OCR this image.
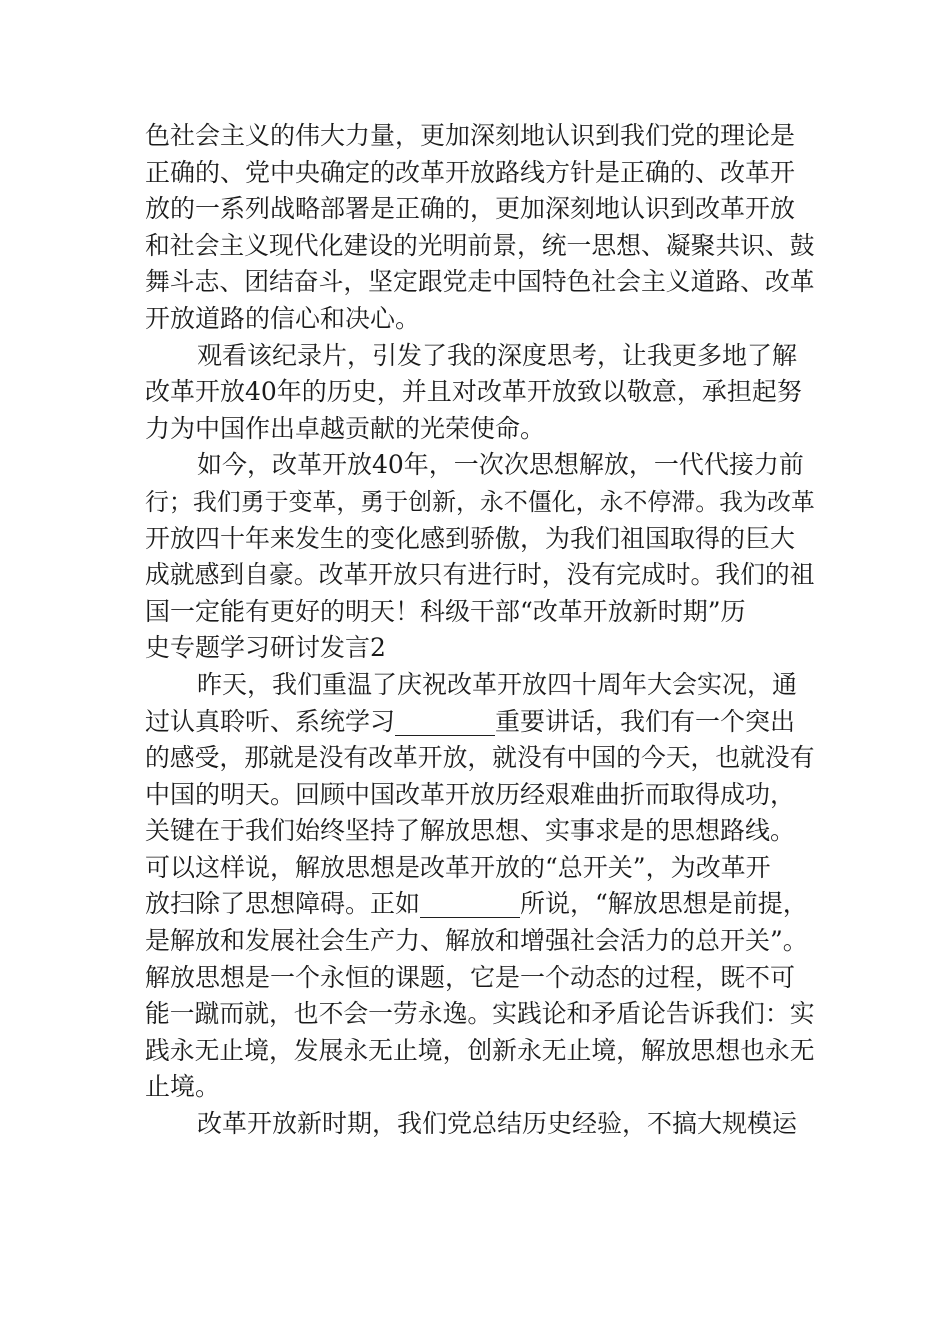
色社会主义的伟大力量，更加深刻地认识到我们党的理论是
正确的、党中央确定的改革开放路线方针是正确的、改革开
放的一系列战略部署是正确的，更加深刻地认识到改革开放
和社会主义现代化建设的光明前景，统一思想、凝聚共识、鼓
舞斗志、团结奋斗，坚定跟党走中国特色社会主义道路、改革
开放道路的信心和决心。
观看该纪录片，引发了我的深度思考，让我更多地了解
改革开放40年的历史，并且对改革开放致以敬意，承担起努
力为中国作出卓越贡献的光荣使命。
如今，改革开放40年，一次次思想解放，一代代接力前
行；我们勇于变革，勇于创新，永不僵化，永不停滞。我为改革
开放四十年来发生的变化感到骄傲，为我们祖国取得的巨大
成就感到自豪。改革开放只有进行时，没有完成时。我们的祖
国一定能有更好的明天！科级干部“改革开放新时期”历
史专题学习研讨发言2
昨天，我们重温了庆祝改革开放四十周年大会实况，通
过认真聆听、系统学习________重要讲话，我们有一个突出
的感受，那就是没有改革开放，就没有中国的今天，也就没有
中国的明天。回顾中国改革开放历经艰难曲折而取得成功，
关键在于我们始终坚持了解放思想、实事求是的思想路线。
可以这样说，解放思想是改革开放的“总开关”，为改革开
放扫除了思想障碍。正如________所说，“解放思想是前提，
是解放和发展社会生产力、解放和增强社会活力的总开关”。
解放思想是一个永恒的课题，它是一个动态的过程，既不可
能一蹴而就，也不会一劳永逸。实践论和矛盾论告诉我们：实
践永无止境，发展永无止境，创新永无止境，解放思想也永无
止境。
改革开放新时期，我们党总结历史经验，不搞大规模运
